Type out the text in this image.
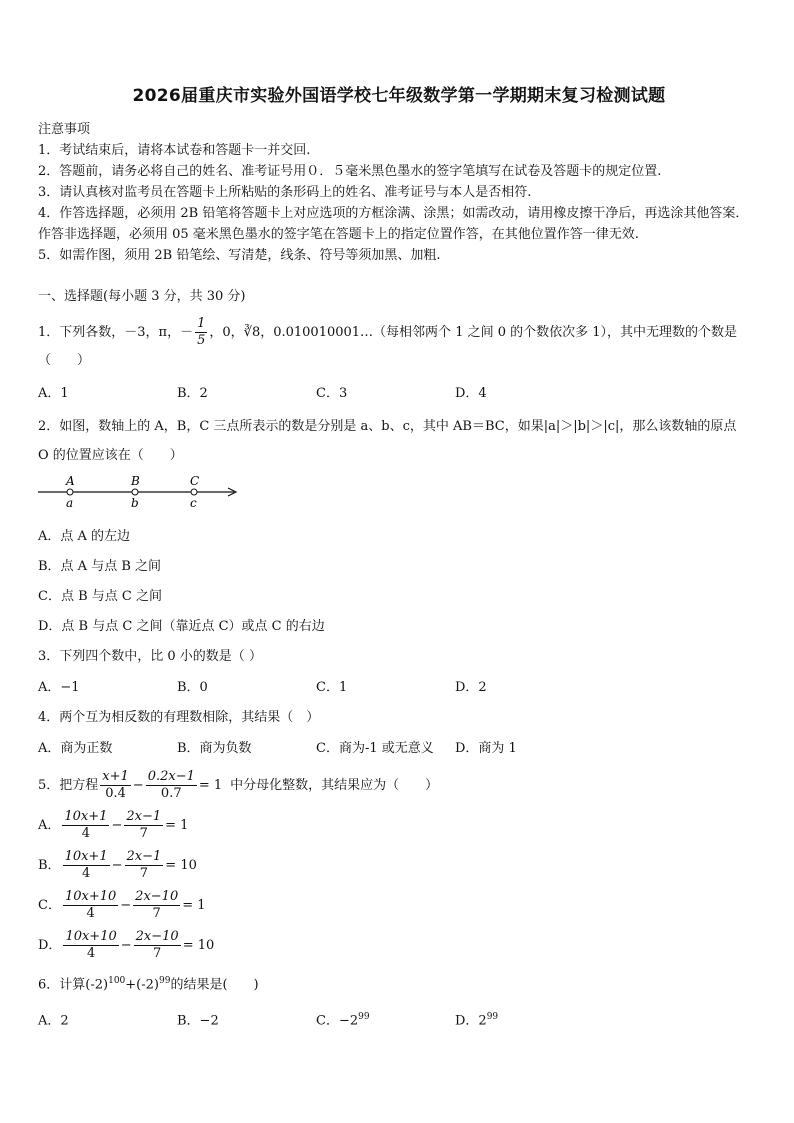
2026届重庆市实验外国语学校七年级数学第一学期期末复习检测试题

注意事项

1．考试结束后，请将本试卷和答题卡一并交回.

2．答题前，请务必将自己的姓名、准考证号用０．５毫米黑色墨水的签字笔填写在试卷及答题卡的规定位置.

3．请认真核对监考员在答题卡上所粘贴的条形码上的姓名、准考证号与本人是否相符.

4．作答选择题，必须用 2B 铅笔将答题卡上对应选项的方框涂满、涂黑；如需改动，请用橡皮擦干净后，再选涂其他答案．作答非选择题，必须用 05 毫米黑色墨水的签字笔在答题卡上的指定位置作答，在其他位置作答一律无效.

5．如需作图，须用 2B 铅笔绘、写清楚，线条、符号等须加黑、加粗.

一、选择题(每小题 3 分，共 30 分)
1．下列各数，－3，π，－ $\frac{1}{5}$ ，0， ∛8 ，0.010010001…（每相邻两个 1 之间 0 的个数依次多 1），其中无理数的个数是
（　　）
A．1	B．2	C．3	D．4
2．如图，数轴上的 A，B，C 三点所表示的数是分别是 a、b、c，其中 AB＝BC，如果|a|＞|b|＞|c|，那么该数轴的原点
O 的位置应该在（　　）
A	B	C
a	b	c
A．点 A 的左边
B．点 A 与点 B 之间
C．点 B 与点 C 之间
D．点 B 与点 C 之间（靠近点 C）或点 C 的右边
3．下列四个数中，比 0 小的数是（ ）
A．−1	B．0	C．1	D．2
4．两个互为相反数的有理数相除，其结果（　）
A．商为正数	B．商为负数	C．商为-1 或无意义	D．商为 1
5．把方程 $\frac{x+1}{0.4} - \frac{0.2x-1}{0.7} = 1$ 中分母化整数，其结果应为（　　）
A． $\frac{10x+1}{4} - \frac{2x-1}{7} = 1$
B． $\frac{10x+1}{4} - \frac{2x-1}{7} = 10$
C． $\frac{10x+10}{4} - \frac{2x-10}{7} = 1$
D． $\frac{10x+10}{4} - \frac{2x-10}{7} = 10$
6．计算$(-2)^{100}+(-2)^{99}$的结果是(　　)
A．2	B．−2	C．$-2^{99}$	D．$2^{99}$
